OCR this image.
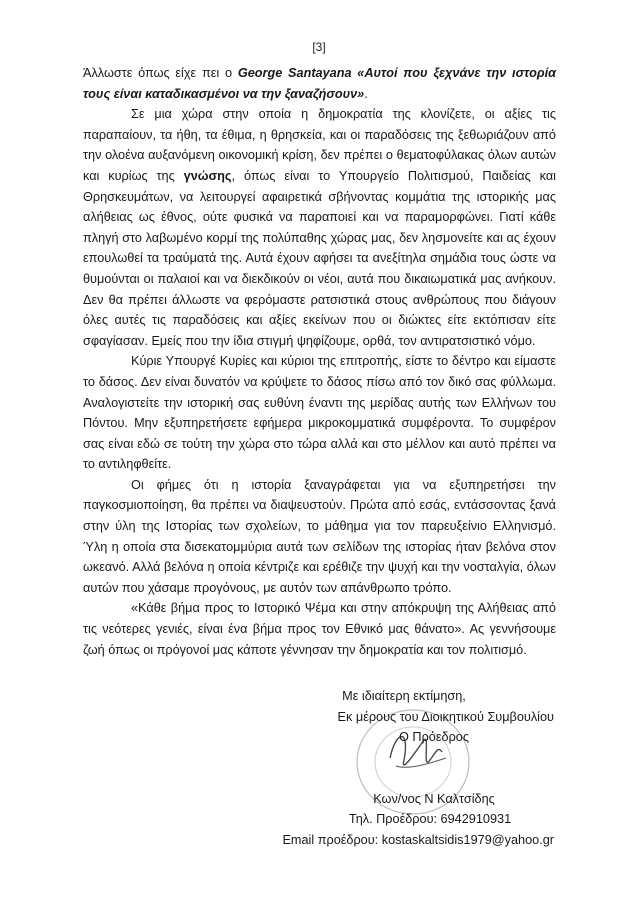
[3]

Άλλωστε όπως είχε πει ο George Santayana «Αυτοί που ξεχνάνε την ιστορία τους είναι καταδικασμένοι να την ξαναζήσουν».

Σε μια χώρα στην οποία η δημοκρατία της κλονίζετε, οι αξίες τις παραπαίουν, τα ήθη, τα έθιμα, η θρησκεία, και οι παραδόσεις της ξεθωριάζουν από την ολοένα αυξανόμενη οικονομική κρίση, δεν πρέπει ο θεματοφύλακας όλων αυτών και κυρίως της γνώσης, όπως είναι το Υπουργείο Πολιτισμού, Παιδείας και Θρησκευμάτων, να λειτουργεί αφαιρετικά σβήνοντας κομμάτια της ιστορικής μας αλήθειας ως έθνος, ούτε φυσικά να παραποιεί και να παραμορφώνει. Γιατί κάθε πληγή στο λαβωμένο κορμί της πολύπαθης χώρας μας, δεν λησμονείτε και ας έχουν επουλωθεί τα τραύματά της. Αυτά έχουν αφήσει τα ανεξίτηλα σημάδια τους ώστε να θυμούνται οι παλαιοί και να διεκδικούν οι νέοι, αυτά που δικαιωματικά μας ανήκουν. Δεν θα πρέπει άλλωστε να φερόμαστε ρατσιστικά στους ανθρώπους που διάγουν όλες αυτές τις παραδόσεις και αξίες εκείνων που οι διώκτες είτε εκτόπισαν είτε σφαγίασαν. Εμείς που την ίδια στιγμή ψηφίζουμε, ορθά, τον αντιρατσιστικό νόμο.

Κύριε Υπουργέ Κυρίες και κύριοι της επιτροπής, είστε το δέντρο και είμαστε το δάσος. Δεν είναι δυνατόν να κρύψετε το δάσος πίσω από τον δικό σας φύλλωμα. Αναλογιστείτε την ιστορική σας ευθύνη έναντι της μερίδας αυτής των Ελλήνων του Πόντου. Μην εξυπηρετήσετε εφήμερα μικροκομματικά συμφέροντα. Το συμφέρον σας είναι εδώ σε τούτη την χώρα στο τώρα αλλά και στο μέλλον και αυτό πρέπει να το αντιληφθείτε.

Οι φήμες ότι η ιστορία ξαναγράφεται για να εξυπηρετήσει την παγκοσμιοποίηση, θα πρέπει να διαψευστούν. Πρώτα από εσάς, εντάσσοντας ξανά στην ύλη της Ιστορίας των σχολείων, το μάθημα για τον παρευξείνιο Ελληνισμό. Ύλη η οποία στα δισεκατομμύρια αυτά των σελίδων της ιστορίας ήταν βελόνα στον ωκεανό. Αλλά βελόνα η οποία κέντριζε και ερέθιζε την ψυχή και την νοσταλγία, όλων αυτών που χάσαμε προγόνους, με αυτόν των απάνθρωπο τρόπο.

«Κάθε βήμα προς το Ιστορικό Ψέμα και στην απόκρυψη της Αλήθειας από τις νεότερες γενιές, είναι ένα βήμα προς τον Εθνικό μας θάνατο». Ας γεννήσουμε ζωή όπως οι πρόγονοί μας κάποτε γέννησαν την δημοκρατία και τον πολιτισμό.

Με ιδιαίτερη εκτίμηση,
Εκ μέρους του Διοικητικού Συμβουλίου
Ο Πρόεδρος
Κων/νος Ν Καλτσίδης
Τηλ. Προέδρου: 6942910931
Email προέδρου: kostaskaltsidis1979@yahoo.gr
